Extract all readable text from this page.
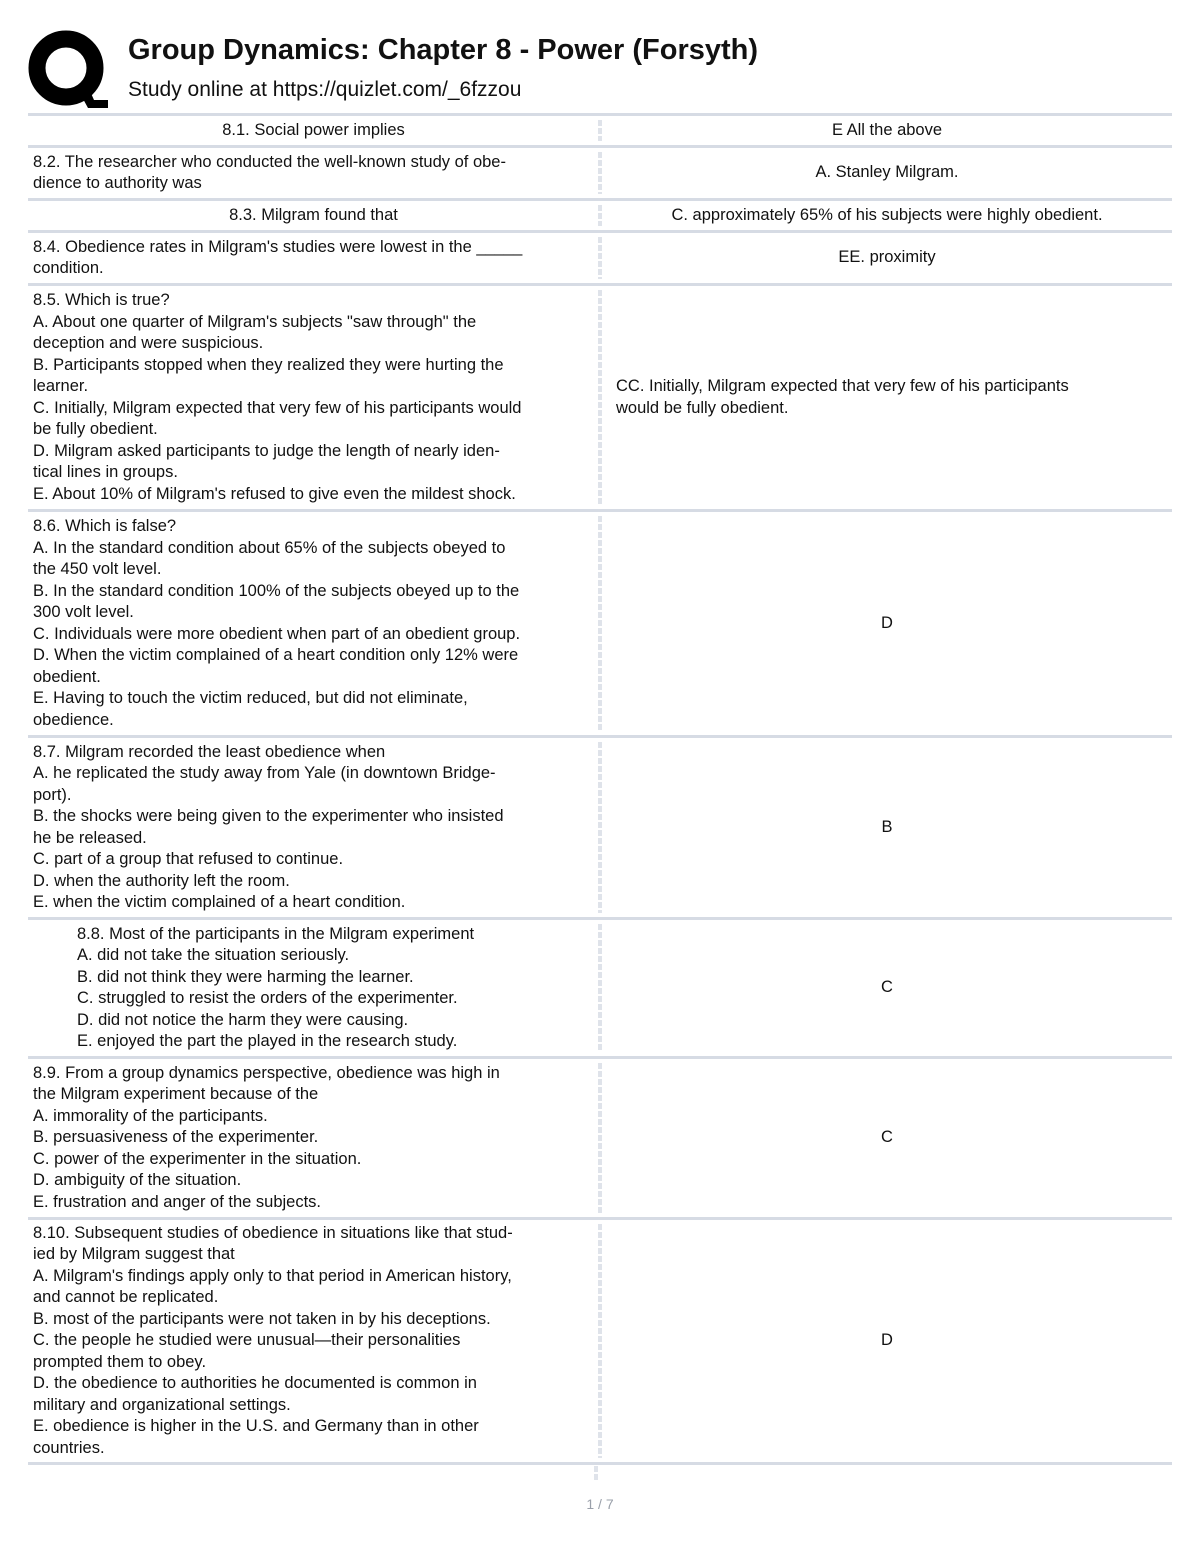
Group Dynamics: Chapter 8 - Power (Forsyth)
Study online at https://quizlet.com/_6fzzou
8.1. Social power implies	E All the above
8.2. The researcher who conducted the well-known study of obe-
dience to authority was
A. Stanley Milgram.
8.3. Milgram found that	C. approximately 65% of his subjects were highly obedient.
8.4. Obedience rates in Milgram's studies were lowest in the _____
condition.
EE. proximity
8.5. Which is true?
A. About one quarter of Milgram's subjects "saw through" the
deception and were suspicious.
B. Participants stopped when they realized they were hurting the
learner.
C. Initially, Milgram expected that very few of his participants would
be fully obedient.
D. Milgram asked participants to judge the length of nearly iden-
tical lines in groups.
E. About 10% of Milgram's refused to give even the mildest shock.
CC. Initially, Milgram expected that very few of his participants
would be fully obedient.
8.6. Which is false?
A. In the standard condition about 65% of the subjects obeyed to
the 450 volt level.
B. In the standard condition 100% of the subjects obeyed up to the
300 volt level.
C. Individuals were more obedient when part of an obedient group.
D. When the victim complained of a heart condition only 12% were
obedient.
E. Having to touch the victim reduced, but did not eliminate,
obedience.
D
8.7. Milgram recorded the least obedience when
A. he replicated the study away from Yale (in downtown Bridge-
port).
B. the shocks were being given to the experimenter who insisted
he be released.
C. part of a group that refused to continue.
D. when the authority left the room.
E. when the victim complained of a heart condition.
B
8.8. Most of the participants in the Milgram experiment
A. did not take the situation seriously.
B. did not think they were harming the learner.
C. struggled to resist the orders of the experimenter.
D. did not notice the harm they were causing.
E. enjoyed the part the played in the research study.
C
8.9. From a group dynamics perspective, obedience was high in
the Milgram experiment because of the
A. immorality of the participants.
B. persuasiveness of the experimenter.
C. power of the experimenter in the situation.
D. ambiguity of the situation.
E. frustration and anger of the subjects.
C
8.10. Subsequent studies of obedience in situations like that stud-
ied by Milgram suggest that
A. Milgram's findings apply only to that period in American history,
and cannot be replicated.
B. most of the participants were not taken in by his deceptions.
C. the people he studied were unusual—their personalities
prompted them to obey.
D. the obedience to authorities he documented is common in
military and organizational settings.
E. obedience is higher in the U.S. and Germany than in other
countries.
D
1 / 7
